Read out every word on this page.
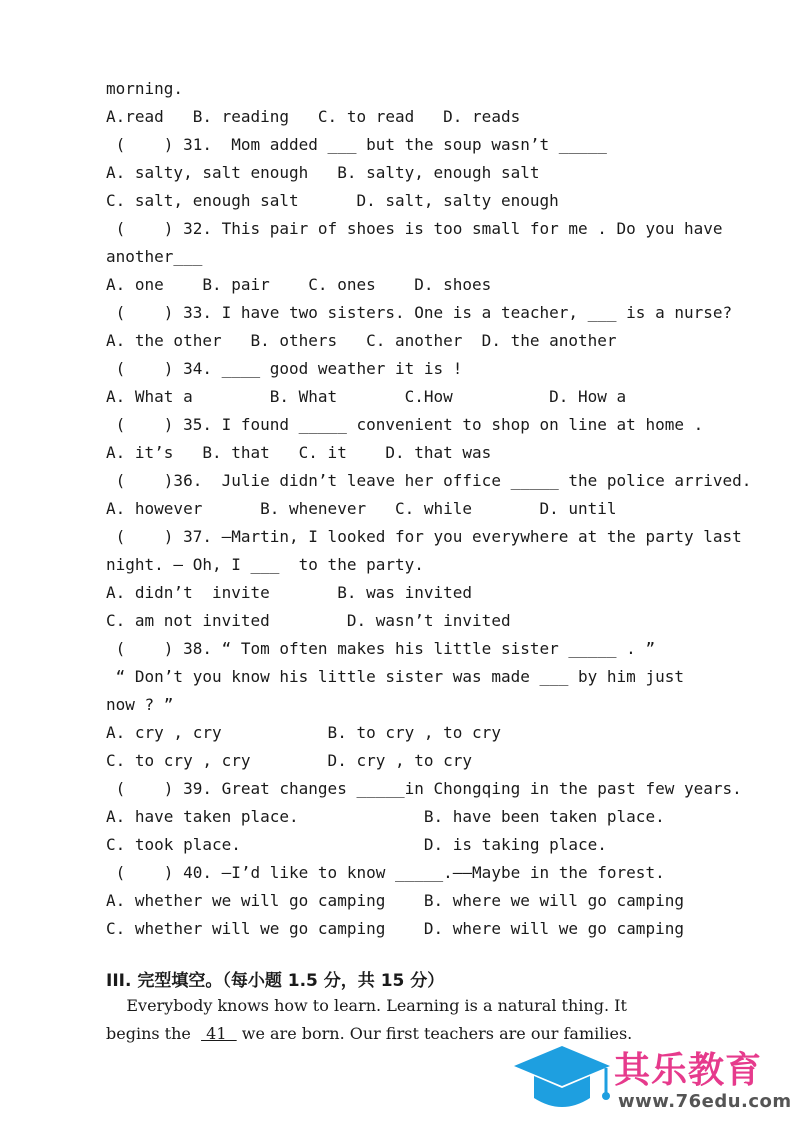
morning.
A.read   B. reading   C. to read   D. reads
(    ) 31.  Mom added ___ but the soup wasn’t _____
A. salty, salt enough   B. salty, enough salt
C. salt, enough salt      D. salt, salty enough
(    ) 32. This pair of shoes is too small for me . Do you have
another___
A. one    B. pair    C. ones    D. shoes
(    ) 33. I have two sisters. One is a teacher, ___ is a nurse?
A. the other   B. others   C. another  D. the another
(    ) 34. ____ good weather it is !
A. What a        B. What       C.How          D. How a
(    ) 35. I found _____ convenient to shop on line at home .
A. it’s   B. that   C. it    D. that was
(    )36.  Julie didn’t leave her office _____ the police arrived.
A. however      B. whenever   C. while       D. until
(    ) 37. —Martin, I looked for you everywhere at the party last
night. — Oh, I ___  to the party.
A. didn’t  invite       B. was invited
C. am not invited        D. wasn’t invited
(    ) 38. “ Tom often makes his little sister _____ . ”
“ Don’t you know his little sister was made ___ by him just
now ? ”
A. cry , cry           B. to cry , to cry
C. to cry , cry        D. cry , to cry
(    ) 39. Great changes _____in Chongqing in the past few years.
A. have taken place.             B. have been taken place.
C. took place.                   D. is taking place.
(    ) 40. —I’d like to know _____.——Maybe in the forest.
A. whether we will go camping    B. where we will go camping
C. whether will we go camping    D. where will we go camping
III. 完型填空。（每小题 1.5 分，共 15 分）
Everybody knows how to learn. Learning is a natural thing. It
begins the   41   we are born. Our first teachers are our families.
其乐教育
www.76edu.com
